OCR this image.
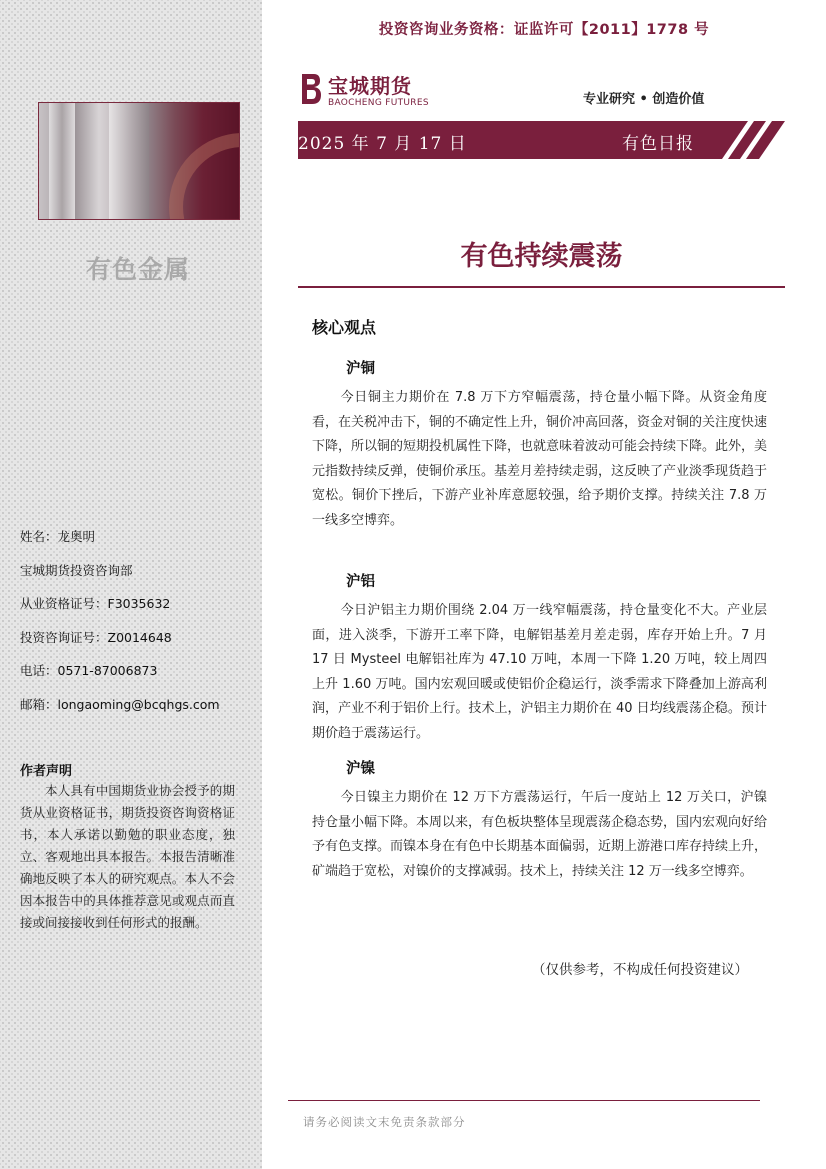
有色金属
姓名：龙奥明
宝城期货投资咨询部
从业资格证号：F3035632
投资咨询证号：Z0014648
电话：0571-87006873
邮箱：longaoming@bcqhgs.com
作者声明
本人具有中国期货业协会授予的期货从业资格证书，期货投资咨询资格证书，本人承诺以勤勉的职业态度，独立、客观地出具本报告。本报告清晰准确地反映了本人的研究观点。本人不会因本报告中的具体推荐意见或观点而直接或间接接收到任何形式的报酬。
投资咨询业务资格：证监许可【2011】1778 号
宝城期货
BAOCHENG FUTURES	专业研究 • 创造价值
2025 年 7 月 17 日	有色日报
有色持续震荡
核心观点
沪铜
今日铜主力期价在 7.8 万下方窄幅震荡，持仓量小幅下降。从资金角度看，在关税冲击下，铜的不确定性上升，铜价冲高回落，资金对铜的关注度快速下降，所以铜的短期投机属性下降，也就意味着波动可能会持续下降。此外，美元指数持续反弹，使铜价承压。基差月差持续走弱，这反映了产业淡季现货趋于宽松。铜价下挫后，下游产业补库意愿较强，给予期价支撑。持续关注 7.8 万一线多空博弈。
沪铝
今日沪铝主力期价围绕 2.04 万一线窄幅震荡，持仓量变化不大。产业层面，进入淡季，下游开工率下降，电解铝基差月差走弱，库存开始上升。7 月 17 日 Mysteel 电解铝社库为 47.10 万吨，本周一下降 1.20 万吨，较上周四上升 1.60 万吨。国内宏观回暖或使铝价企稳运行，淡季需求下降叠加上游高利润，产业不利于铝价上行。技术上，沪铝主力期价在 40 日均线震荡企稳。预计期价趋于震荡运行。
沪镍
今日镍主力期价在 12 万下方震荡运行，午后一度站上 12 万关口，沪镍持仓量小幅下降。本周以来，有色板块整体呈现震荡企稳态势，国内宏观向好给予有色支撑。而镍本身在有色中长期基本面偏弱，近期上游港口库存持续上升，矿端趋于宽松，对镍价的支撑减弱。技术上，持续关注 12 万一线多空博弈。
（仅供参考，不构成任何投资建议）
请务必阅读文末免责条款部分
